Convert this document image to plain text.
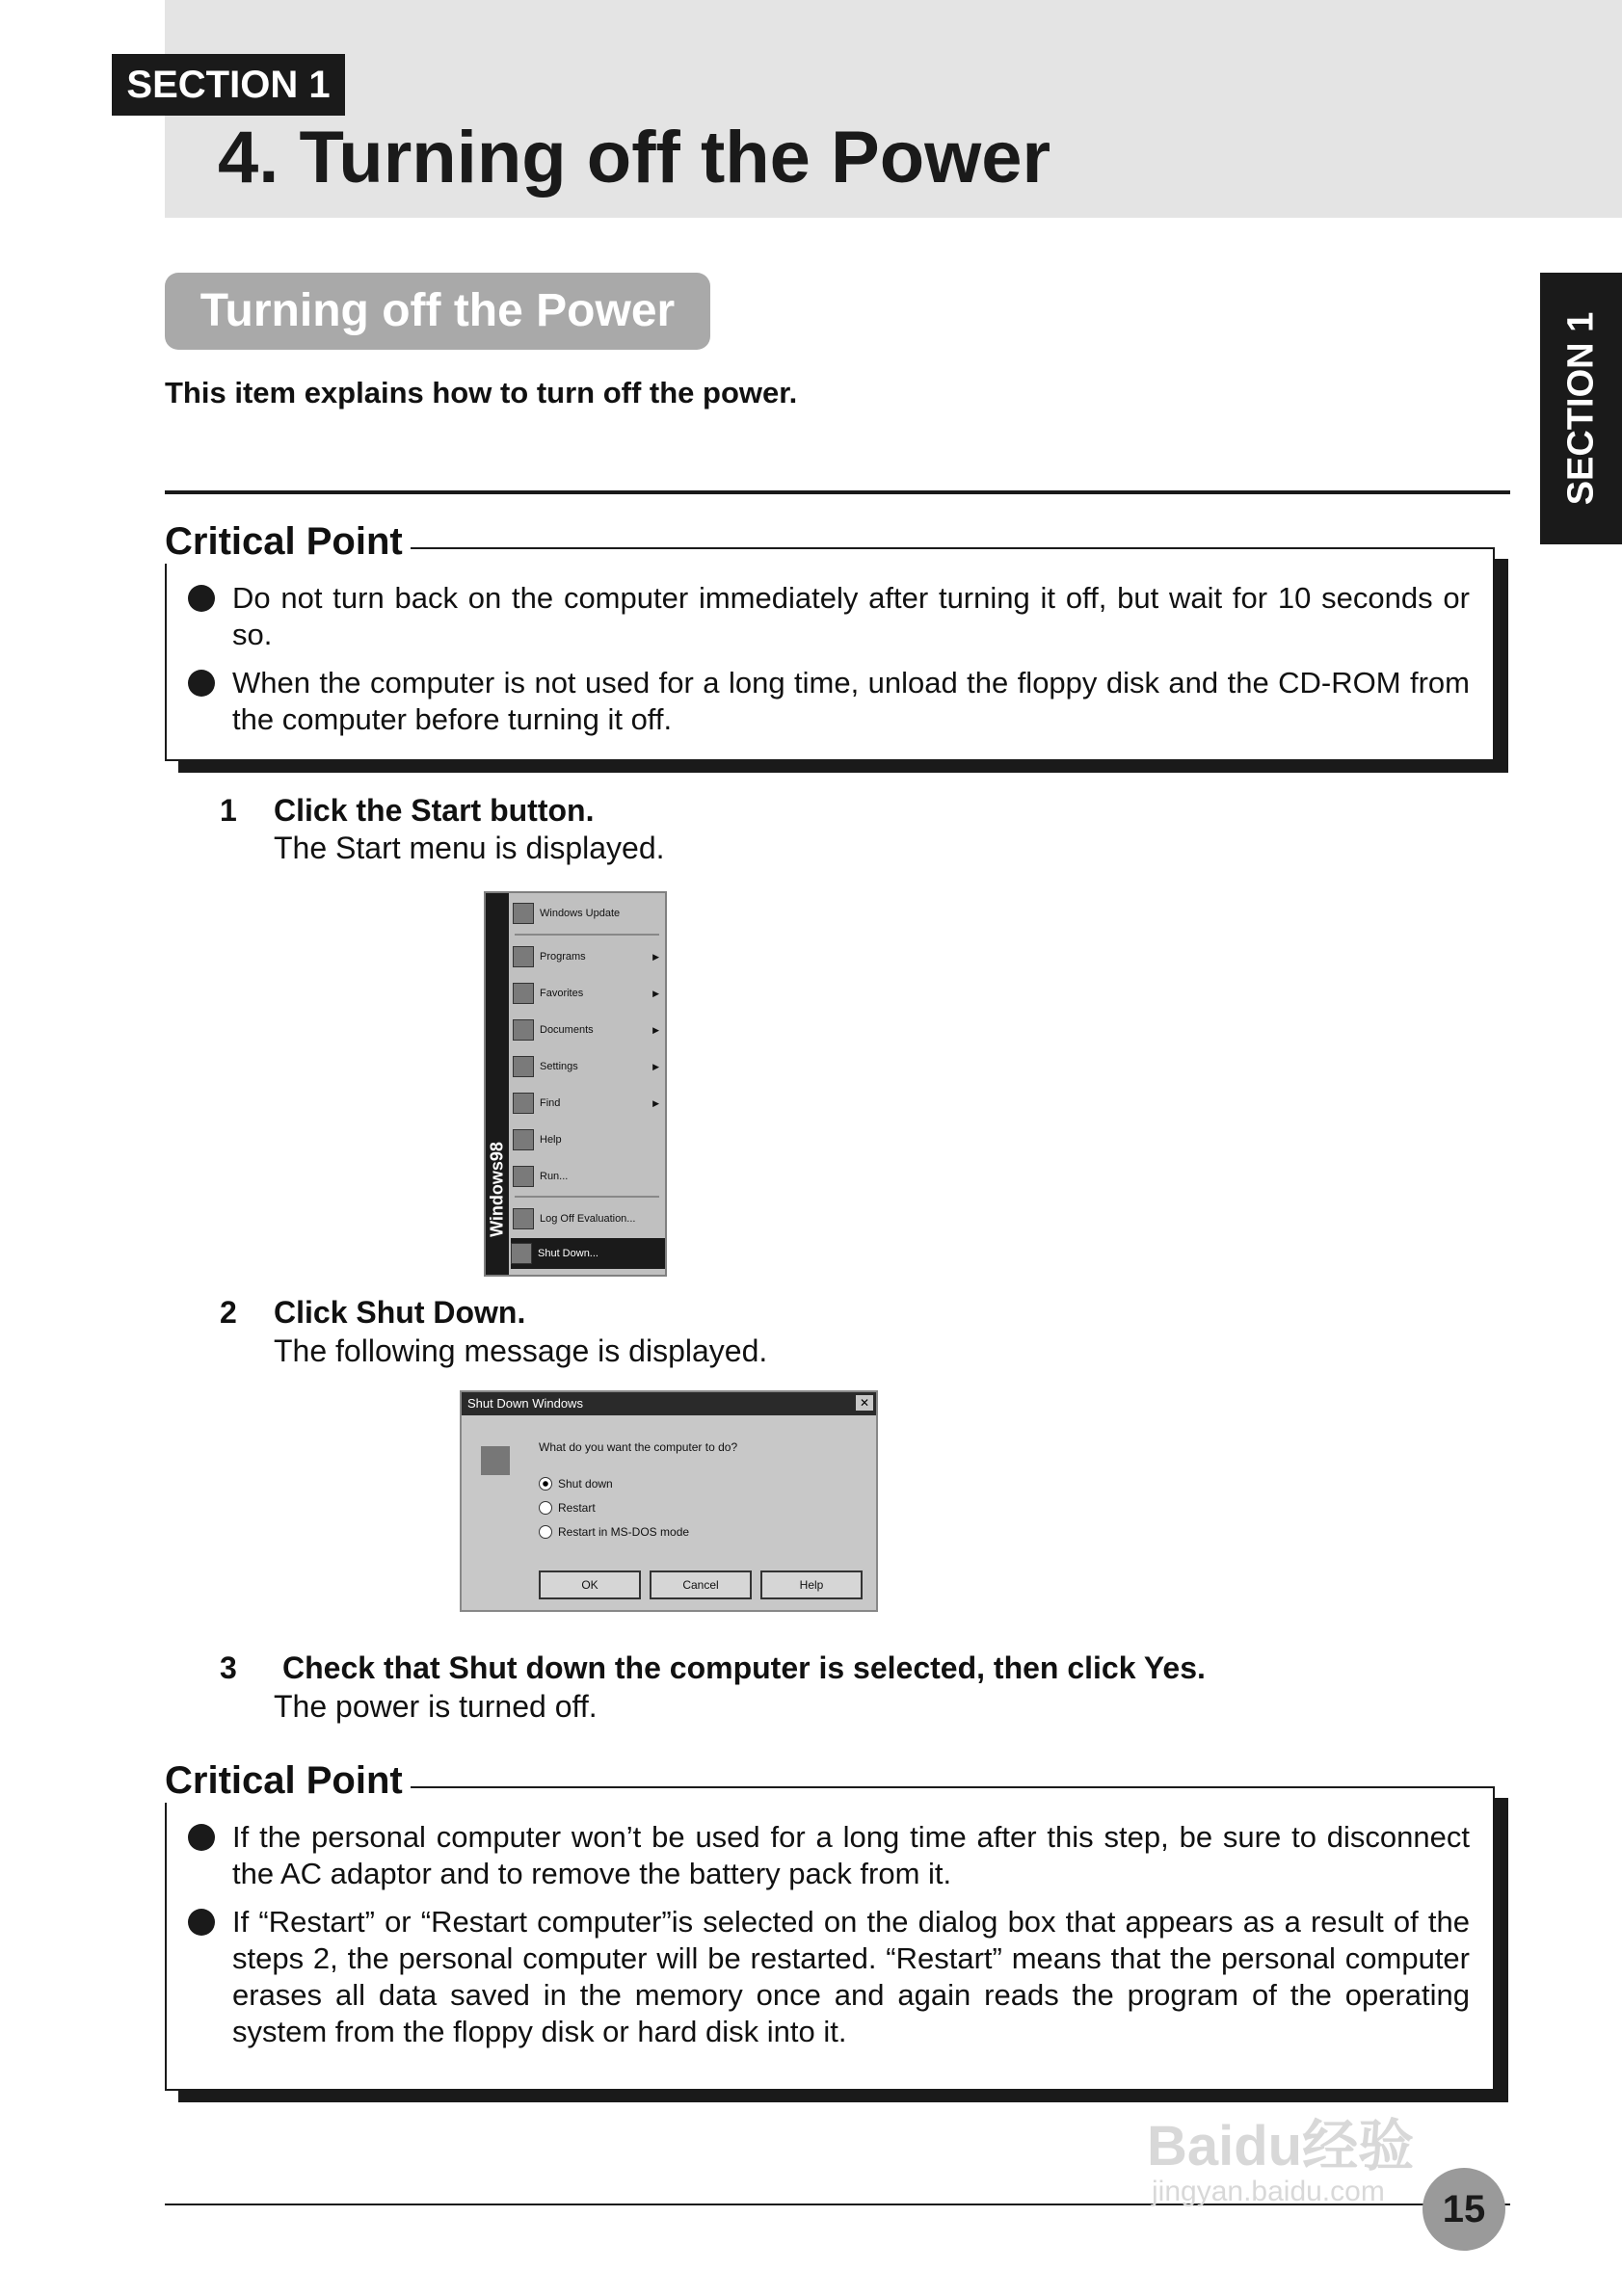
SECTION 1
4. Turning off the Power
SECTION 1
Turning off the Power
This item explains how to turn off the power.
Do not turn back on the computer immediately after turning it off, but wait for 10 seconds or so.
When the computer is not used for a long time, unload the floppy disk and the CD-ROM from the computer before turning it off.
Critical Point
1 Click the Start button.
The Start menu is displayed.
Windows98
Windows Update
Programs	▶
Favorites	▶
Documents	▶
Settings	▶
Find	▶
Help
Run...
Log Off Evaluation...
Shut Down...
2 Click Shut Down.
The following message is displayed.
Shut Down Windows	✕
What do you want the computer to do?
Shut down
Restart
Restart in MS-DOS mode
OK	Cancel	Help
3 Check that Shut down the computer is selected, then click Yes.
The power is turned off.
If the personal computer won’t be used for a long time after this step, be sure to disconnect the AC adaptor and to remove the battery pack from it.
If “Restart” or “Restart computer”is selected on the dialog box that appears as a result of the steps 2, the personal computer will be restarted. “Restart” means that the personal computer erases all data saved in the memory once and again reads the program of the operating system from the floppy disk or hard disk into it.
Critical Point
Baidu经验
jingyan.baidu.com	15
